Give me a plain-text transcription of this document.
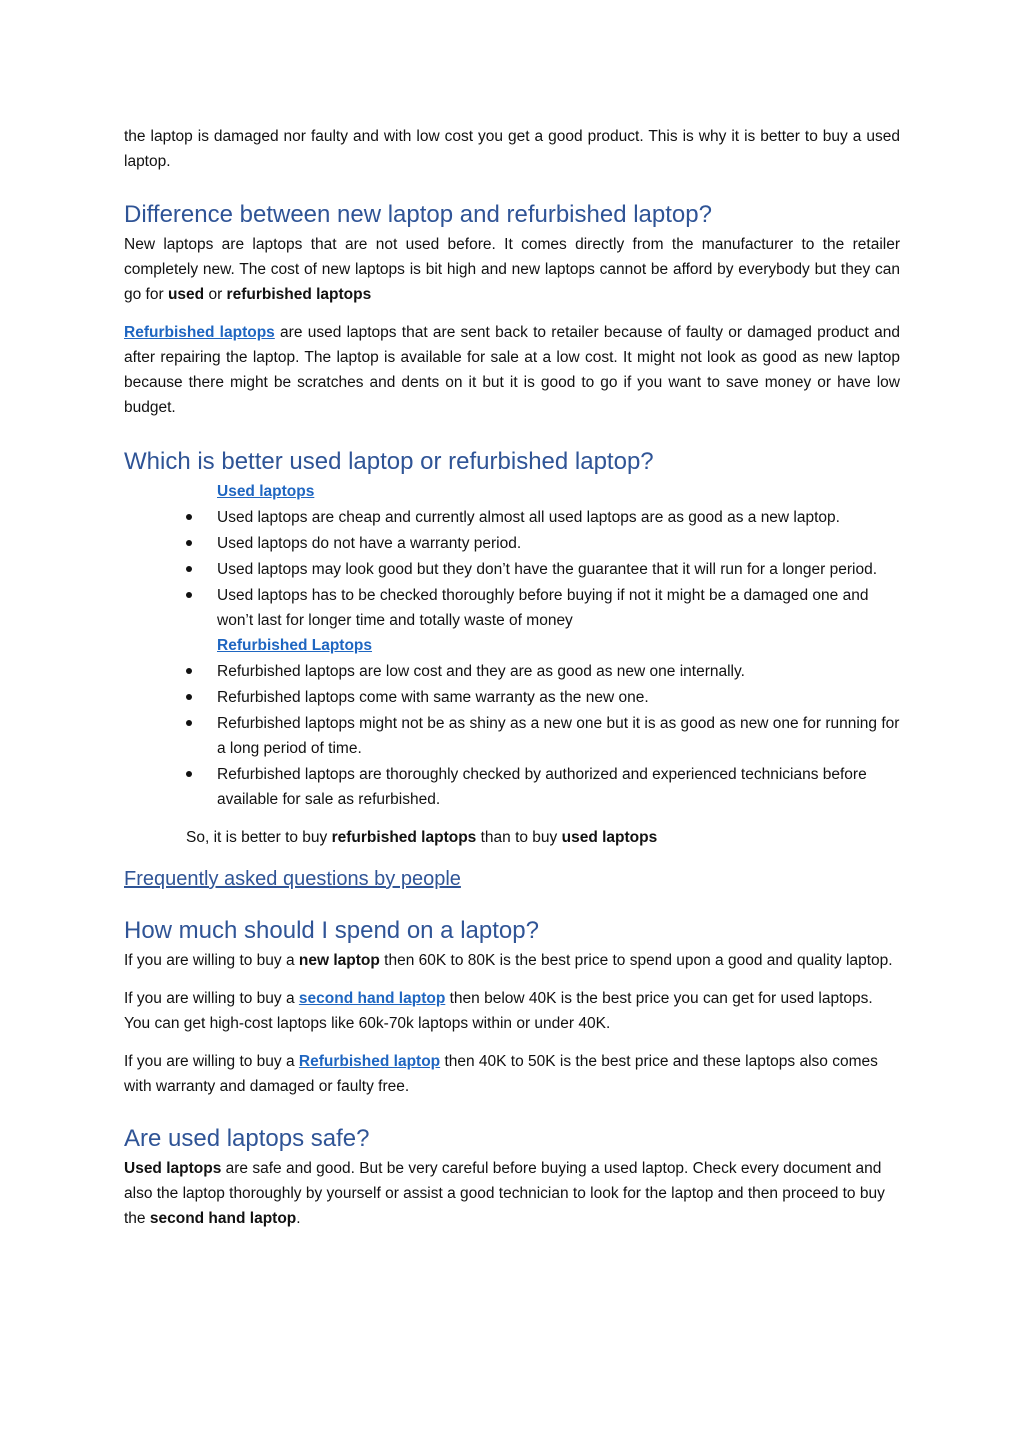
the laptop is damaged nor faulty and with low cost you get a good product. This is why it is better to buy a used laptop.

Difference between new laptop and refurbished laptop?

New laptops are laptops that are not used before. It comes directly from the manufacturer to the retailer completely new. The cost of new laptops is bit high and new laptops cannot be afford by everybody but they can go for used or refurbished laptops

Refurbished laptops are used laptops that are sent back to retailer because of faulty or damaged product and after repairing the laptop. The laptop is available for sale at a low cost. It might not look as good as new laptop because there might be scratches and dents on it but it is good to go if you want to save money or have low budget.

Which is better used laptop or refurbished laptop?
Used laptops
Used laptops are cheap and currently almost all used laptops are as good as a new laptop.
Used laptops do not have a warranty period.
Used laptops may look good but they don’t have the guarantee that it will run for a longer period.
Used laptops has to be checked thoroughly before buying if not it might be a damaged one and won’t last for longer time and totally waste of money
Refurbished Laptops
Refurbished laptops are low cost and they are as good as new one internally.
Refurbished laptops come with same warranty as the new one.
Refurbished laptops might not be as shiny as a new one but it is as good as new one for running for a long period of time.
Refurbished laptops are thoroughly checked by authorized and experienced technicians before available for sale as refurbished.

So, it is better to buy refurbished laptops than to buy used laptops

Frequently asked questions by people
How much should I spend on a laptop?

If you are willing to buy a new laptop then 60K to 80K is the best price to spend upon a good and quality laptop.

If you are willing to buy a second hand laptop then below 40K is the best price you can get for used laptops. You can get high-cost laptops like 60k-70k laptops within or under 40K.

If you are willing to buy a Refurbished laptop then 40K to 50K is the best price and these laptops also comes with warranty and damaged or faulty free.

Are used laptops safe?

Used laptops are safe and good. But be very careful before buying a used laptop. Check every document and also the laptop thoroughly by yourself or assist a good technician to look for the laptop and then proceed to buy the second hand laptop.
